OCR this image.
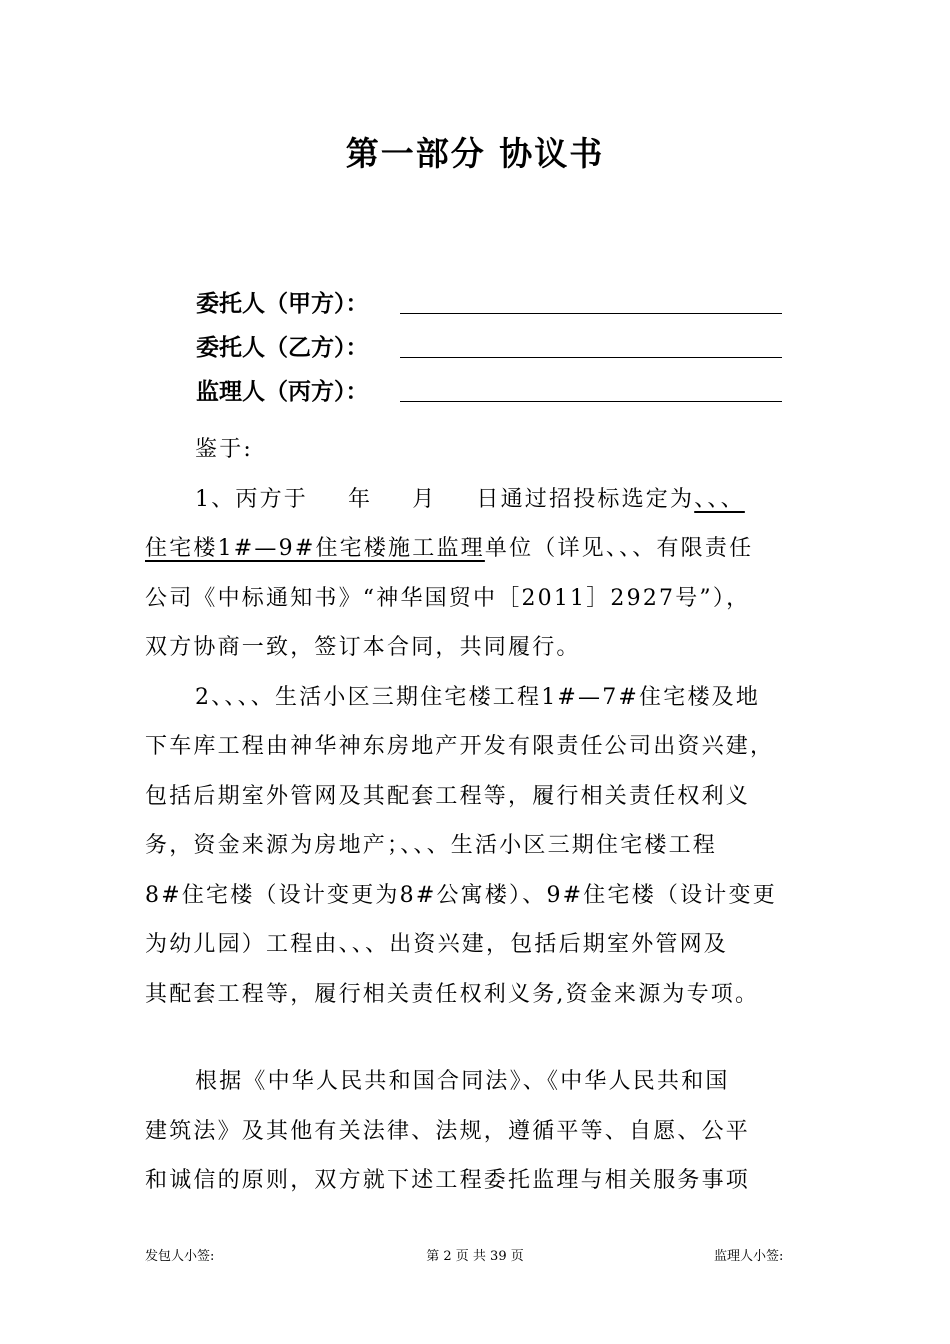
第一部分 协议书
委托人（甲方）：
委托人（乙方）：
监理人（丙方）：
鉴于:
1、丙方于 年 月 日通过招投标选定为、、、
住宅楼1#—9#住宅楼施工监理单位（详见、、、有限责任
公司《中标通知书》“神华国贸中［2011］2927号”），
双方协商一致，签订本合同，共同履行。
2、、、、生活小区三期住宅楼工程1#—7#住宅楼及地
下车库工程由神华神东房地产开发有限责任公司出资兴建，
包括后期室外管网及其配套工程等，履行相关责任权利义
务，资金来源为房地产；、、、生活小区三期住宅楼工程
8#住宅楼（设计变更为8#公寓楼）、9#住宅楼（设计变更
为幼儿园）工程由、、、出资兴建，包括后期室外管网及
其配套工程等，履行相关责任权利义务,资金来源为专项。
根据《中华人民共和国合同法》、《中华人民共和国
建筑法》及其他有关法律、法规，遵循平等、自愿、公平
和诚信的原则，双方就下述工程委托监理与相关服务事项
发包人小签:	第 2 页 共 39 页	监理人小签:
